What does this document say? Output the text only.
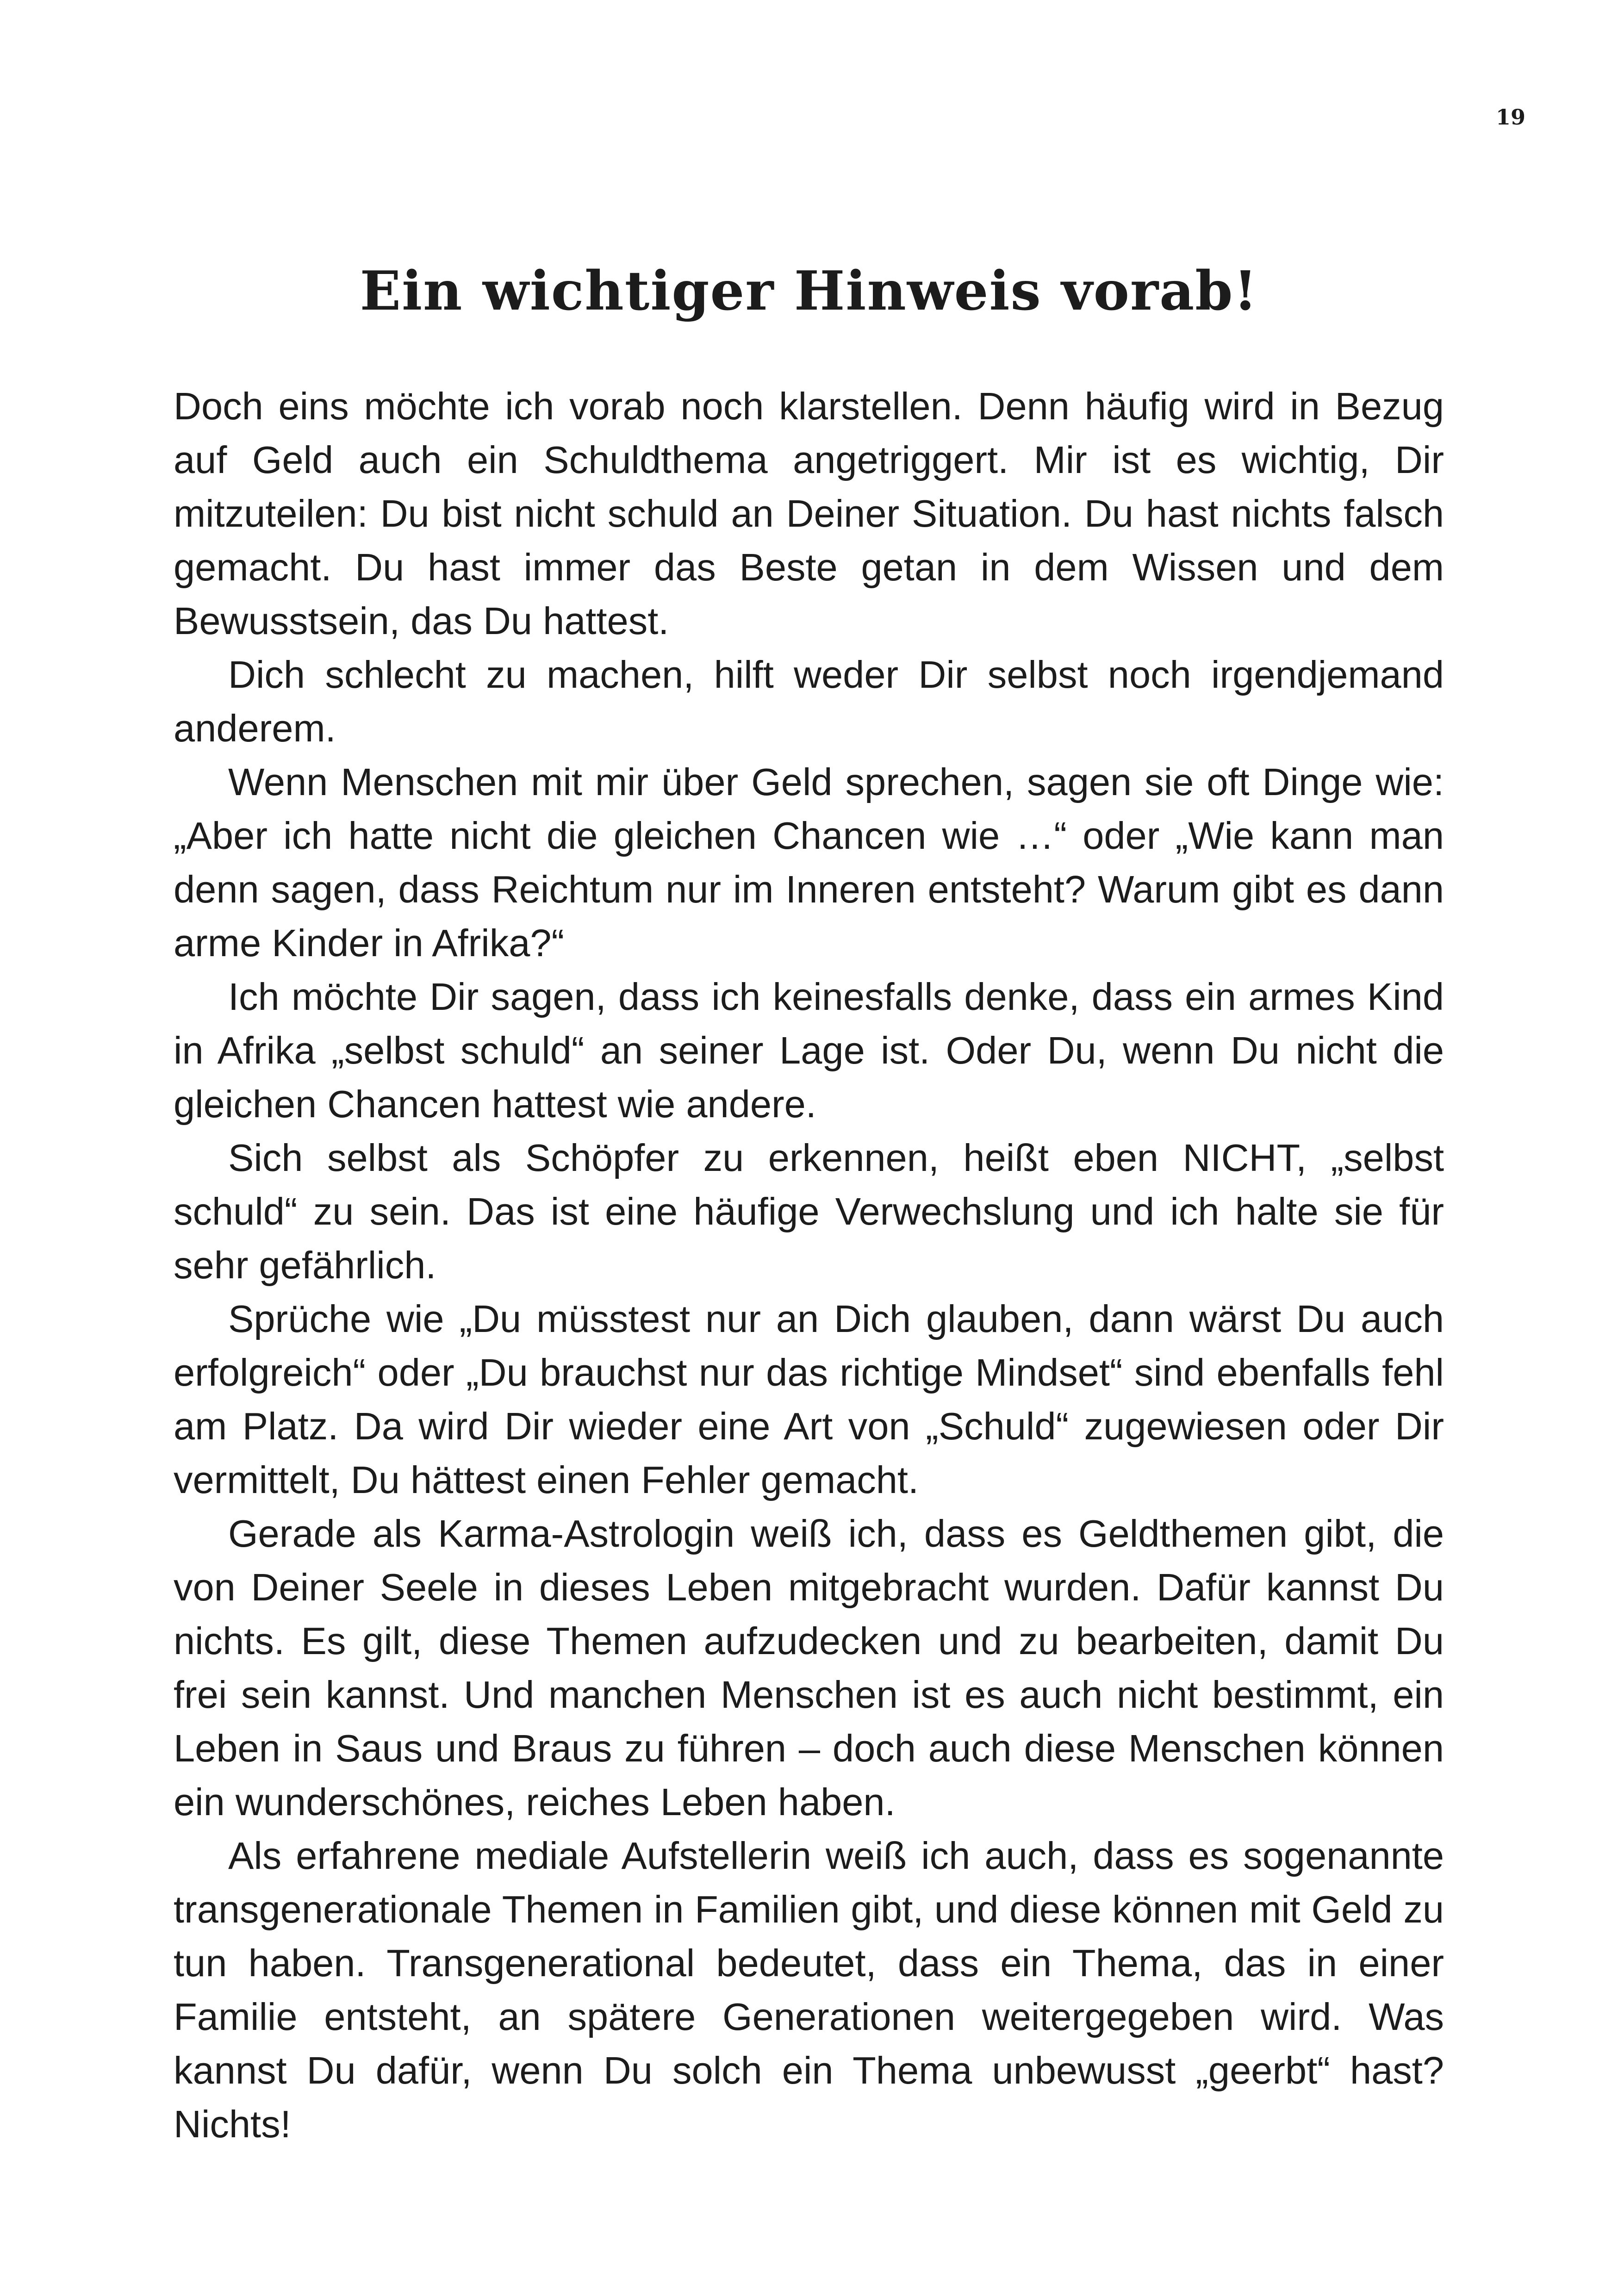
19
Ein wichtiger Hinweis vorab!

Doch eins möchte ich vorab noch klarstellen. Denn häufig wird in Bezug auf Geld auch ein Schuldthema angetriggert. Mir ist es wichtig, Dir mitzuteilen: Du bist nicht schuld an Deiner Situation. Du hast nichts falsch gemacht. Du hast immer das Beste getan in dem Wissen und dem Bewusstsein, das Du hattest.

Dich schlecht zu machen, hilft weder Dir selbst noch irgendjemand anderem.

Wenn Menschen mit mir über Geld sprechen, sagen sie oft Dinge wie: „Aber ich hatte nicht die gleichen Chancen wie …“ oder „Wie kann man denn sagen, dass Reichtum nur im Inneren entsteht? Warum gibt es dann arme Kinder in Afrika?“

Ich möchte Dir sagen, dass ich keinesfalls denke, dass ein armes Kind in Afrika „selbst schuld“ an seiner Lage ist. Oder Du, wenn Du nicht die gleichen Chancen hattest wie andere.

Sich selbst als Schöpfer zu erkennen, heißt eben NICHT, „selbst schuld“ zu sein. Das ist eine häufige Verwechslung und ich halte sie für sehr gefährlich.

Sprüche wie „Du müsstest nur an Dich glauben, dann wärst Du auch erfolgreich“ oder „Du brauchst nur das richtige Mindset“ sind ebenfalls fehl am Platz. Da wird Dir wieder eine Art von „Schuld“ zugewiesen oder Dir vermittelt, Du hättest einen Fehler gemacht.

Gerade als Karma-Astrologin weiß ich, dass es Geldthemen gibt, die von Deiner Seele in dieses Leben mitgebracht wurden. Dafür kannst Du nichts. Es gilt, diese Themen aufzudecken und zu bearbeiten, damit Du frei sein kannst. Und manchen Menschen ist es auch nicht bestimmt, ein Leben in Saus und Braus zu führen – doch auch diese Menschen können ein wunderschönes, reiches Leben haben.

Als erfahrene mediale Aufstellerin weiß ich auch, dass es sogenannte transgenerationale Themen in Familien gibt, und diese können mit Geld zu tun haben. Transgenerational bedeutet, dass ein Thema, das in einer Familie entsteht, an spätere Generationen weitergegeben wird. Was kannst Du dafür, wenn Du solch ein Thema unbewusst „geerbt“ hast? Nichts!
